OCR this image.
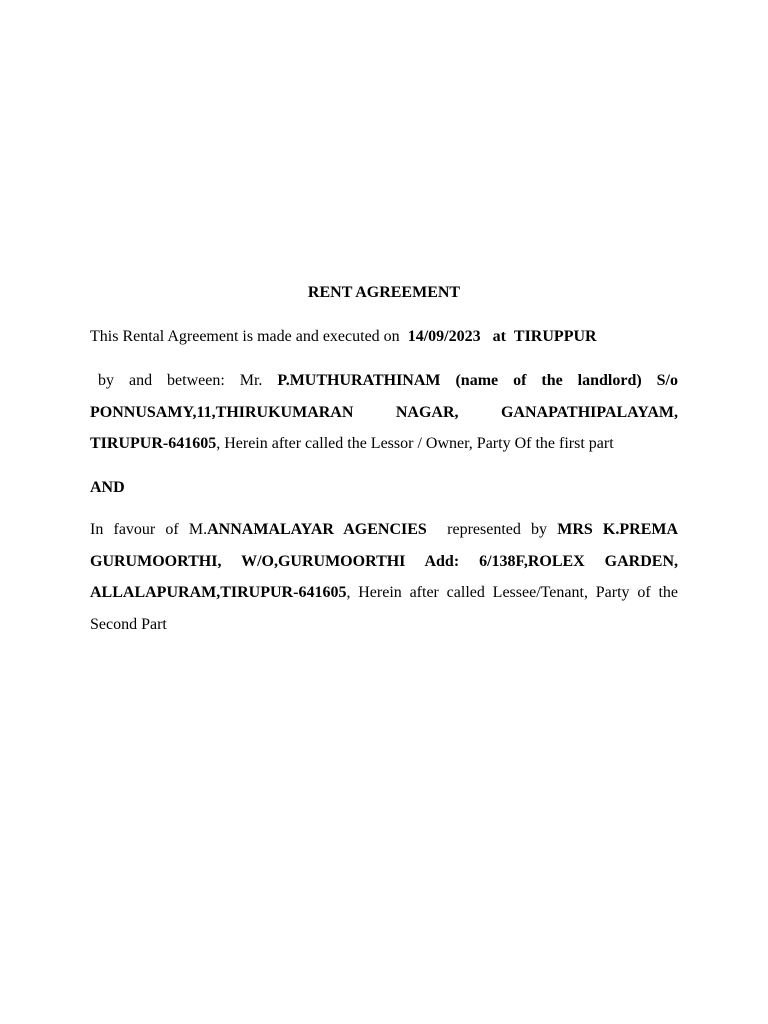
RENT AGREEMENT
This Rental Agreement is made and executed on 14/09/2023 at TIRUPPUR
by and between: Mr. P.MUTHURATHINAM (name of the landlord) S/o PONNUSAMY,11,THIRUKUMARAN NAGAR, GANAPATHIPALAYAM, TIRUPUR-641605, Herein after called the Lessor / Owner, Party Of the first part
AND
In favour of M.ANNAMALAYAR AGENCIES represented by MRS K.PREMA GURUMOORTHI, W/O,GURUMOORTHI Add: 6/138F,ROLEX GARDEN, ALLALAPURAM,TIRUPUR-641605, Herein after called Lessee/Tenant, Party of the Second Part
